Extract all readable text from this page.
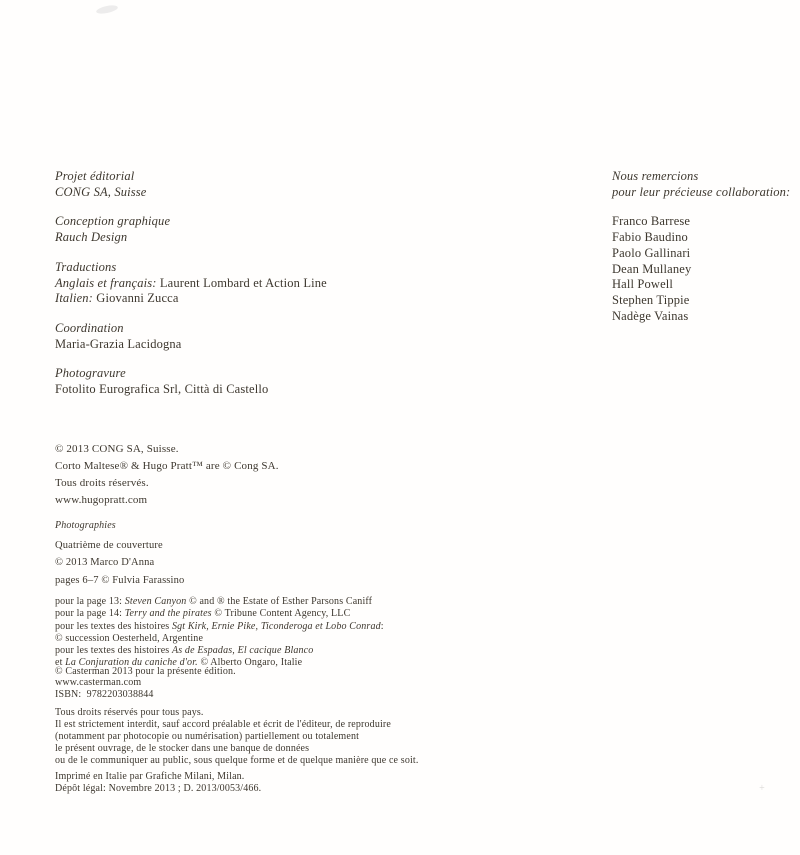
+
Projet éditorial
CONG SA, Suisse
Conception graphique
Rauch Design
Traductions
Anglais et français: Laurent Lombard et Action Line
Italien: Giovanni Zucca
Coordination
Maria-Grazia Lacidogna
Photogravure
Fotolito Eurografica Srl, Città di Castello
Nous remercions
pour leur précieuse collaboration:
Franco Barrese
Fabio Baudino
Paolo Gallinari
Dean Mullaney
Hall Powell
Stephen Tippie
Nadège Vainas
© 2013 CONG SA, Suisse.
Corto Maltese® & Hugo Pratt™ are © Cong SA.
Tous droits réservés.
www.hugopratt.com
Photographies
Quatrième de couverture
© 2013 Marco D'Anna
pages 6–7 © Fulvia Farassino
pour la page 13: Steven Canyon © and ® the Estate of Esther Parsons Caniff
pour la page 14: Terry and the pirates © Tribune Content Agency, LLC
pour les textes des histoires Sgt Kirk, Ernie Pike, Ticonderoga et Lobo Conrad:
© succession Oesterheld, Argentine
pour les textes des histoires As de Espadas, El cacique Blanco
et La Conjuration du caniche d'or. © Alberto Ongaro, Italie
© Casterman 2013 pour la présente édition.
www.casterman.com
ISBN:  9782203038844
Tous droits réservés pour tous pays.
Il est strictement interdit, sauf accord préalable et écrit de l'éditeur, de reproduire
(notamment par photocopie ou numérisation) partiellement ou totalement
le présent ouvrage, de le stocker dans une banque de données
ou de le communiquer au public, sous quelque forme et de quelque manière que ce soit.
Imprimé en Italie par Grafiche Milani, Milan.
Dépôt légal: Novembre 2013 ; D. 2013/0053/466.
